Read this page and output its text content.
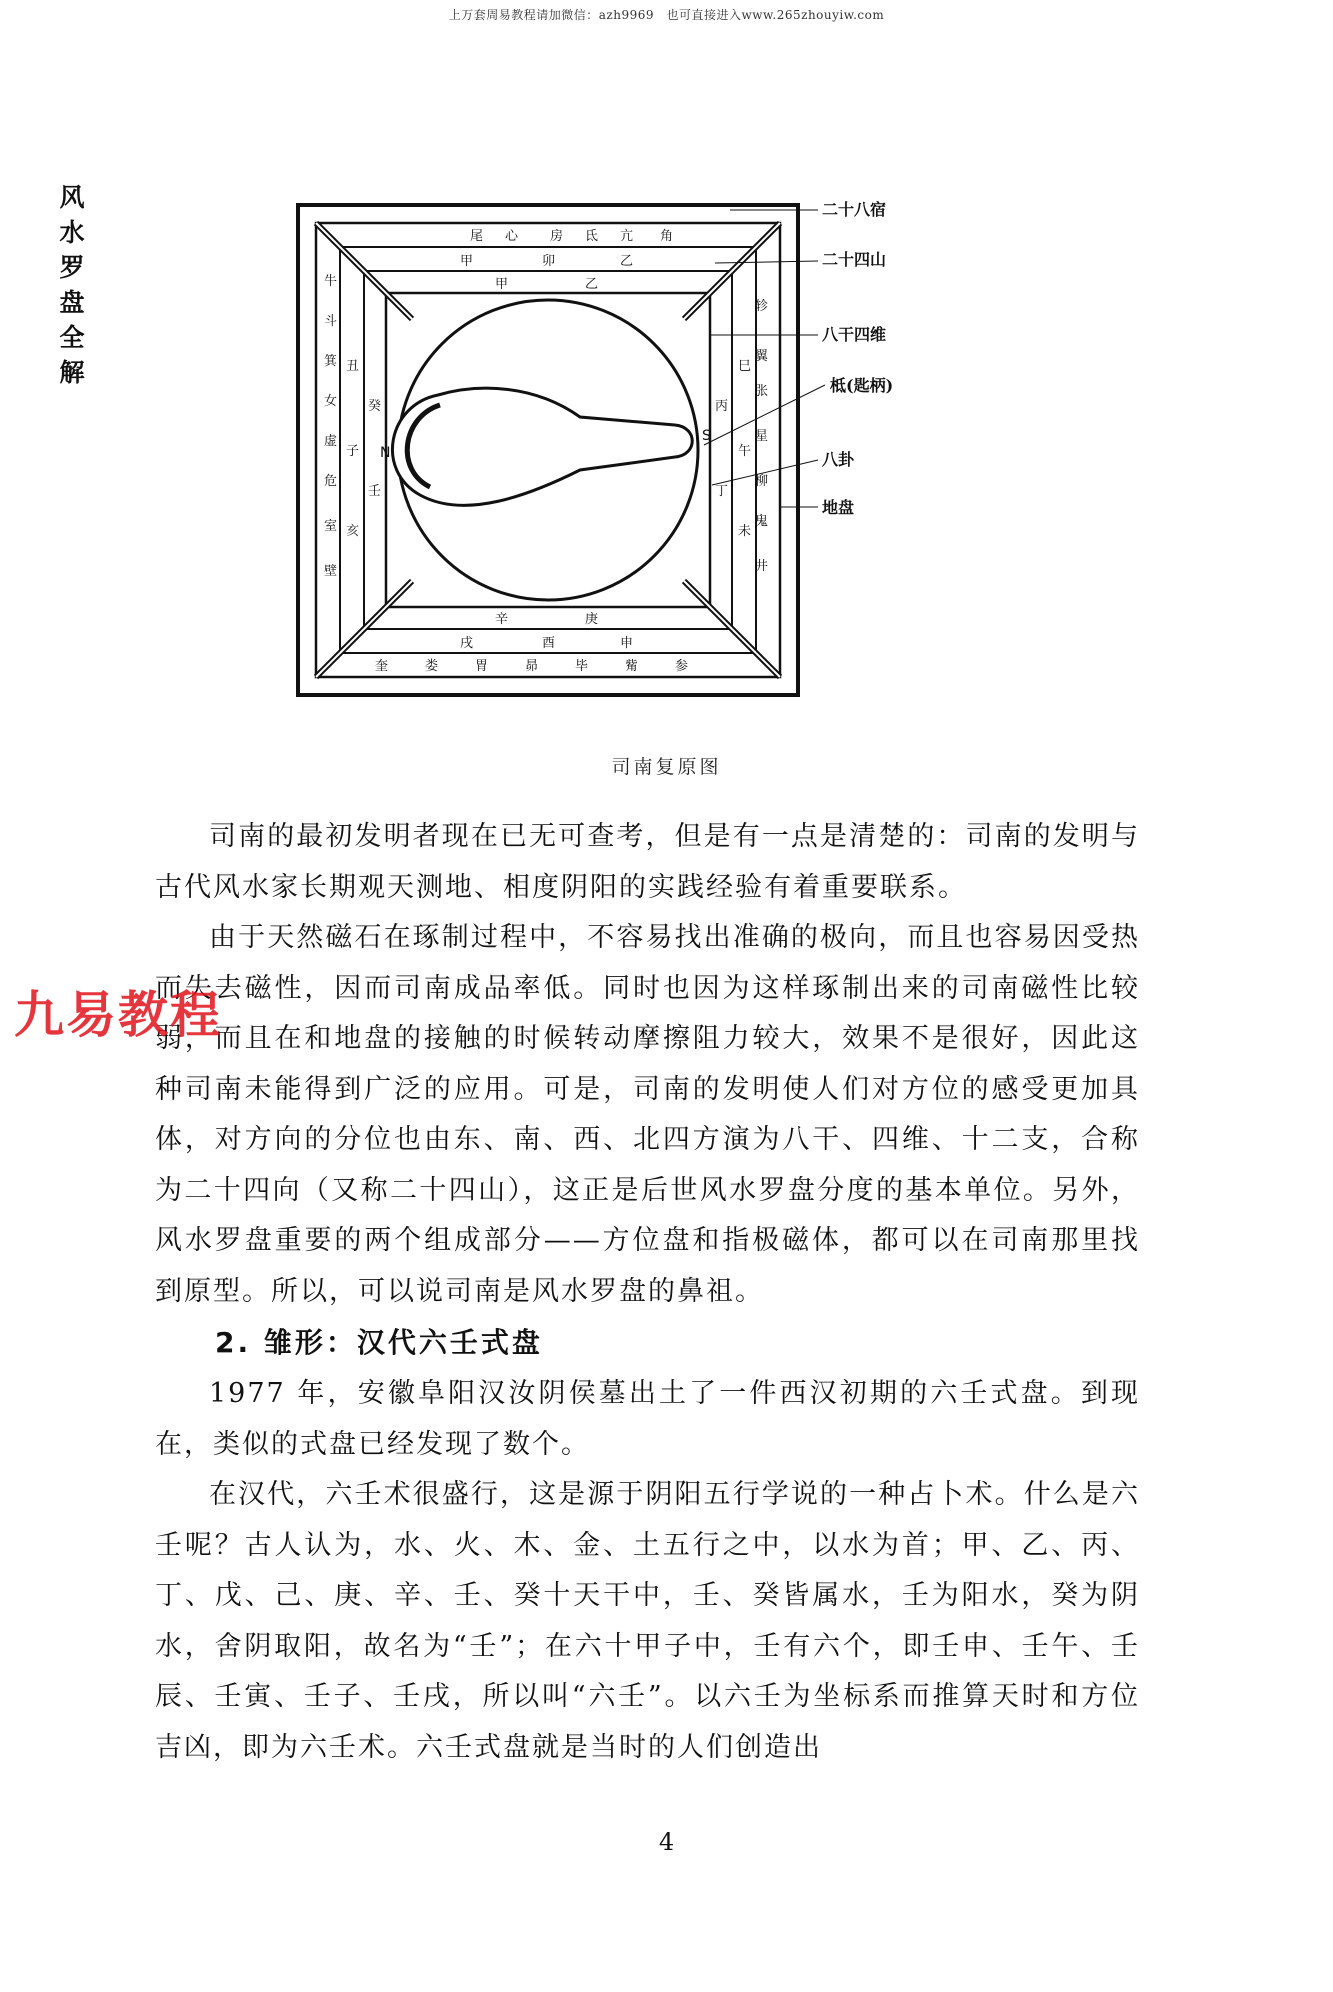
上万套周易教程请加微信：azh9969　也可直接进入www.265zhouyiw.com
风
水
罗
盘
全
解
N
S
尾 心 房 氐 亢 角
轸
翼
张
星
柳
鬼
井
奎	娄	胃	昴	毕	觜	参
牛
斗
箕
女
虚
危
室
壁
甲	卯	乙
巳
午
未
戌	酉	申
丑
子
亥
甲	乙
丙
丁
辛	庚
癸
壬
二十八宿
二十四山
八干四维
柢(匙柄)
八卦
地盘
司南复原图

司南的最初发明者现在已无可查考，但是有一点是清楚的：司南的发明与古代风水家长期观天测地、相度阴阳的实践经验有着重要联系。

由于天然磁石在琢制过程中，不容易找出准确的极向，而且也容易因受热而失去磁性，因而司南成品率低。同时也因为这样琢制出来的司南磁性比较弱，而且在和地盘的接触的时候转动摩擦阻力较大，效果不是很好，因此这种司南未能得到广泛的应用。可是，司南的发明使人们对方位的感受更加具体，对方向的分位也由东、南、西、北四方演为八干、四维、十二支，合称为二十四向（又称二十四山），这正是后世风水罗盘分度的基本单位。另外，风水罗盘重要的两个组成部分——方位盘和指极磁体，都可以在司南那里找到原型。所以，可以说司南是风水罗盘的鼻祖。

2. 雏形：汉代六壬式盘

1977 年，安徽阜阳汉汝阴侯墓出土了一件西汉初期的六壬式盘。到现在，类似的式盘已经发现了数个。

在汉代，六壬术很盛行，这是源于阴阳五行学说的一种占卜术。什么是六壬呢？古人认为，水、火、木、金、土五行之中，以水为首；甲、乙、丙、丁、戊、己、庚、辛、壬、癸十天干中，壬、癸皆属水，壬为阳水，癸为阴水，舍阴取阳，故名为“壬”；在六十甲子中，壬有六个，即壬申、壬午、壬辰、壬寅、壬子、壬戌，所以叫“六壬”。以六壬为坐标系而推算天时和方位吉凶，即为六壬术。六壬式盘就是当时的人们创造出

九易教程
4
